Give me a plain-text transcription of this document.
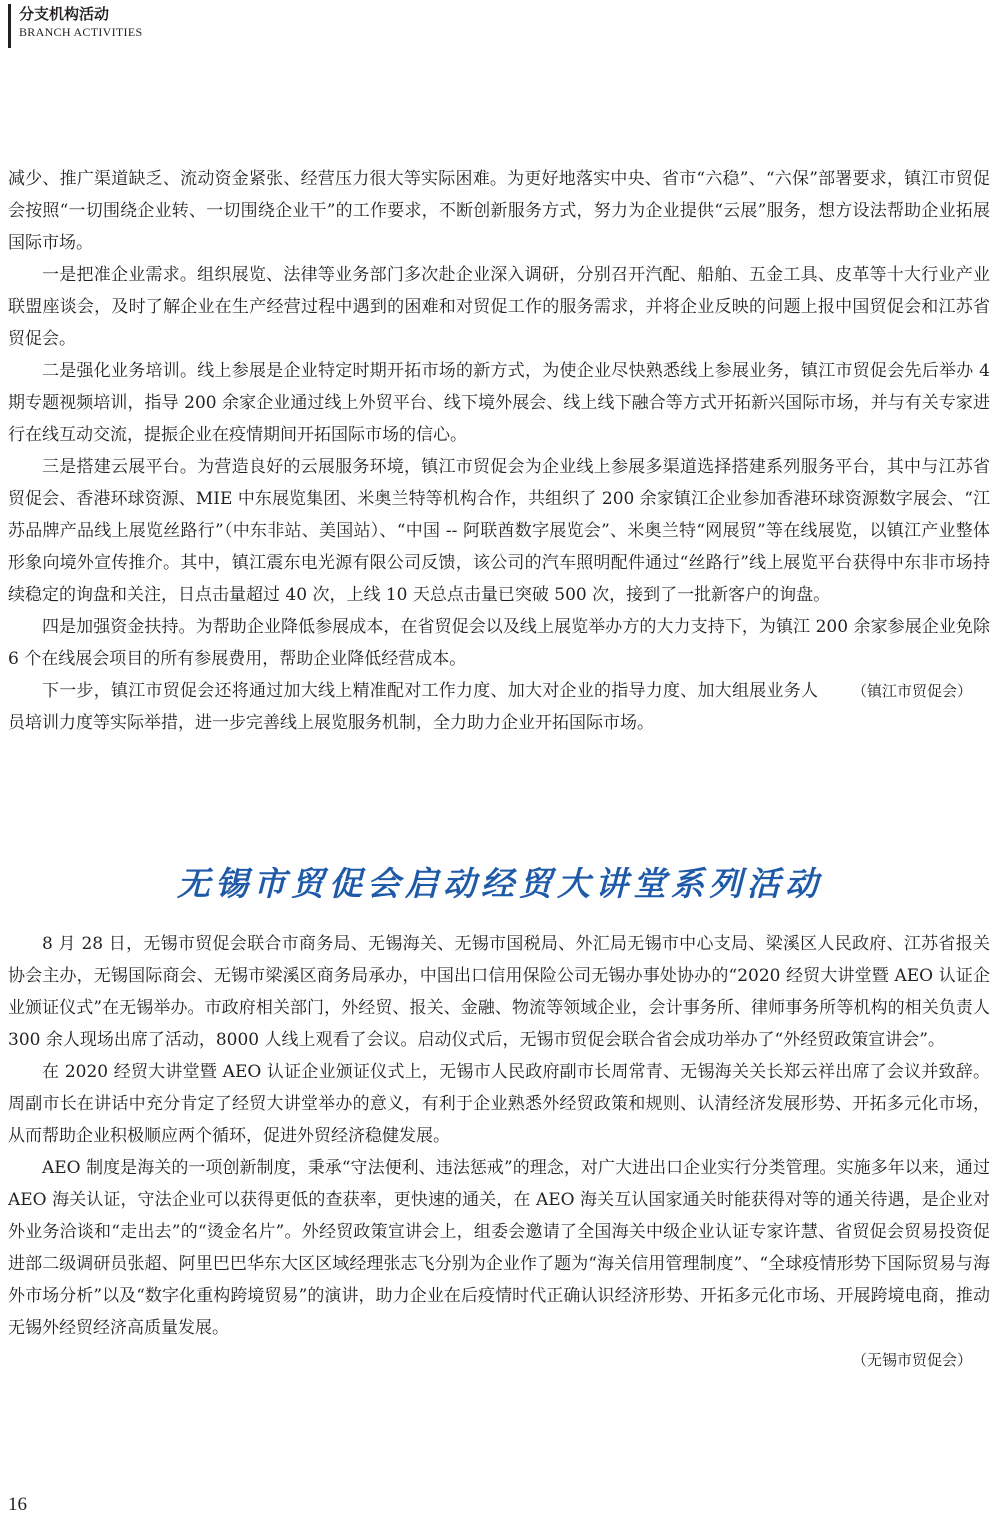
分支机构活动
BRANCH ACTIVITIES

减少、推广渠道缺乏、流动资金紧张、经营压力很大等实际困难。为更好地落实中央、省市“六稳”、“六保”部署要求，镇江市贸促会按照“一切围绕企业转、一切围绕企业干”的工作要求，不断创新服务方式，努力为企业提供“云展”服务，想方设法帮助企业拓展国际市场。

一是把准企业需求。组织展览、法律等业务部门多次赴企业深入调研，分别召开汽配、船舶、五金工具、皮革等十大行业产业联盟座谈会，及时了解企业在生产经营过程中遇到的困难和对贸促工作的服务需求，并将企业反映的问题上报中国贸促会和江苏省贸促会。

二是强化业务培训。线上参展是企业特定时期开拓市场的新方式，为使企业尽快熟悉线上参展业务，镇江市贸促会先后举办 4 期专题视频培训，指导 200 余家企业通过线上外贸平台、线下境外展会、线上线下融合等方式开拓新兴国际市场，并与有关专家进行在线互动交流，提振企业在疫情期间开拓国际市场的信心。

三是搭建云展平台。为营造良好的云展服务环境，镇江市贸促会为企业线上参展多渠道选择搭建系列服务平台，其中与江苏省贸促会、香港环球资源、MIE 中东展览集团、米奥兰特等机构合作，共组织了 200 余家镇江企业参加香港环球资源数字展会、“江苏品牌产品线上展览丝路行”（中东非站、美国站）、“中国 -- 阿联酋数字展览会”、米奥兰特“网展贸”等在线展览，以镇江产业整体形象向境外宣传推介。其中，镇江震东电光源有限公司反馈，该公司的汽车照明配件通过“丝路行”线上展览平台获得中东非市场持续稳定的询盘和关注，日点击量超过 40 次，上线 10 天总点击量已突破 500 次，接到了一批新客户的询盘。

四是加强资金扶持。为帮助企业降低参展成本，在省贸促会以及线上展览举办方的大力支持下，为镇江 200 余家参展企业免除 6 个在线展会项目的所有参展费用，帮助企业降低经营成本。

（镇江市贸促会）
下一步，镇江市贸促会还将通过加大线上精准配对工作力度、加大对企业的指导力度、加大组展业务人员培训力度等实际举措，进一步完善线上展览服务机制，全力助力企业开拓国际市场。

无锡市贸促会启动经贸大讲堂系列活动

8 月 28 日，无锡市贸促会联合市商务局、无锡海关、无锡市国税局、外汇局无锡市中心支局、梁溪区人民政府、江苏省报关协会主办，无锡国际商会、无锡市梁溪区商务局承办，中国出口信用保险公司无锡办事处协办的“2020 经贸大讲堂暨 AEO 认证企业颁证仪式”在无锡举办。市政府相关部门，外经贸、报关、金融、物流等领域企业，会计事务所、律师事务所等机构的相关负责人 300 余人现场出席了活动，8000 人线上观看了会议。启动仪式后，无锡市贸促会联合省会成功举办了“外经贸政策宣讲会”。

在 2020 经贸大讲堂暨 AEO 认证企业颁证仪式上，无锡市人民政府副市长周常青、无锡海关关长郑云祥出席了会议并致辞。周副市长在讲话中充分肯定了经贸大讲堂举办的意义，有利于企业熟悉外经贸政策和规则、认清经济发展形势、开拓多元化市场，从而帮助企业积极顺应两个循环，促进外贸经济稳健发展。

AEO 制度是海关的一项创新制度，秉承“守法便利、违法惩戒”的理念，对广大进出口企业实行分类管理。实施多年以来，通过 AEO 海关认证，守法企业可以获得更低的查获率，更快速的通关，在 AEO 海关互认国家通关时能获得对等的通关待遇，是企业对外业务洽谈和“走出去”的“烫金名片”。外经贸政策宣讲会上，组委会邀请了全国海关中级企业认证专家许慧、省贸促会贸易投资促进部二级调研员张超、阿里巴巴华东大区区域经理张志飞分别为企业作了题为“海关信用管理制度”、“全球疫情形势下国际贸易与海外市场分析”以及“数字化重构跨境贸易”的演讲，助力企业在后疫情时代正确认识经济形势、开拓多元化市场、开展跨境电商，推动无锡外经贸经济高质量发展。

（无锡市贸促会）
16
